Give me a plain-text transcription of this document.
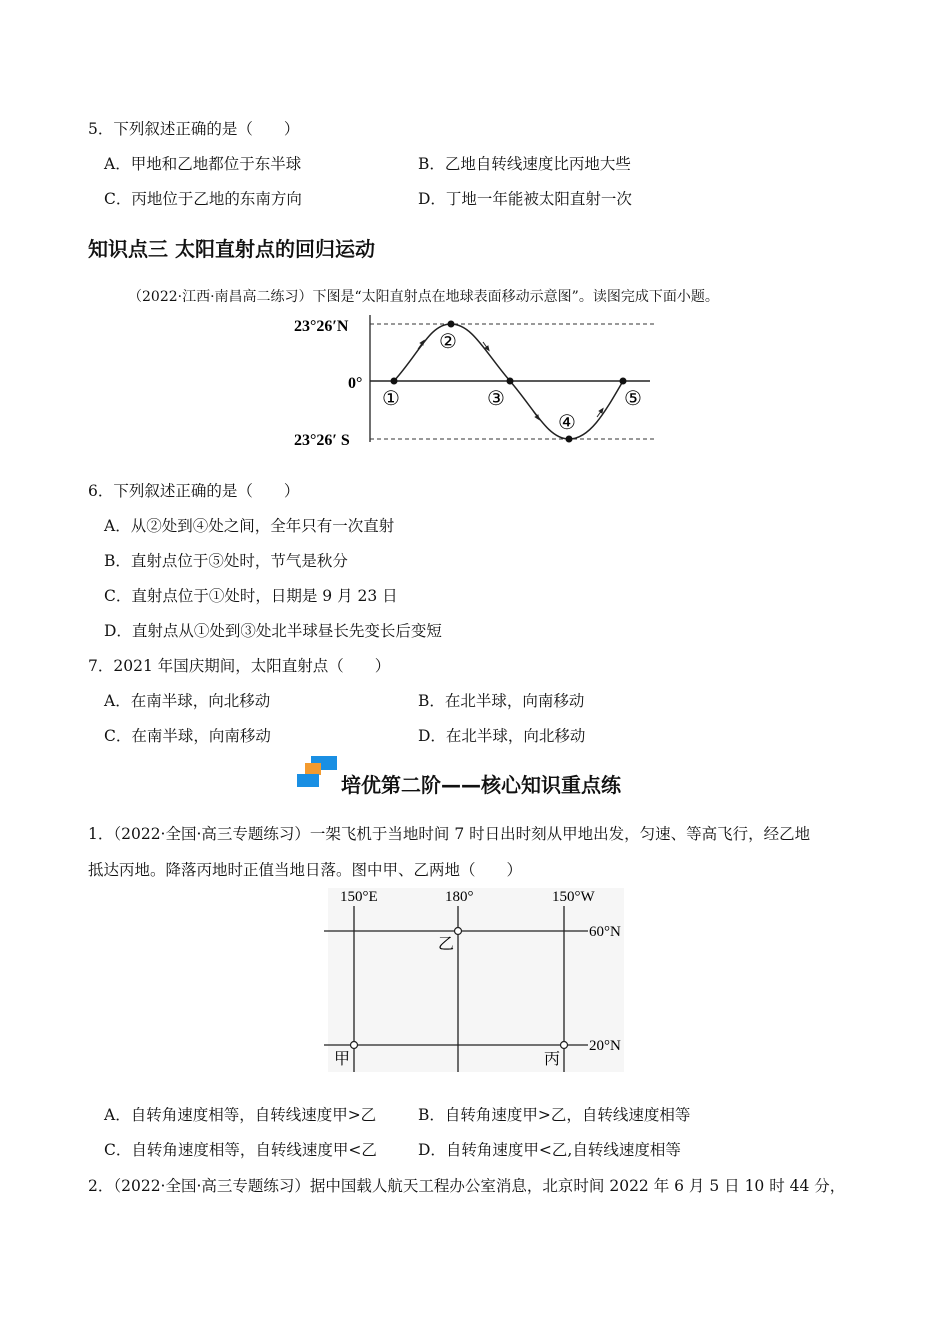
5．下列叙述正确的是（　　）
A．甲地和乙地都位于东半球	B．乙地自转线速度比丙地大些
C．丙地位于乙地的东南方向	D．丁地一年能被太阳直射一次
知识点三 太阳直射点的回归运动
（2022·江西·南昌高二练习）下图是“太阳直射点在地球表面移动示意图”。读图完成下面小题。
23°26′N
0°
23°26′ S
①
②
③
④
⑤
6．下列叙述正确的是（　　）
A．从②处到④处之间，全年只有一次直射
B．直射点位于⑤处时，节气是秋分
C．直射点位于①处时，日期是 9 月 23 日
D．直射点从①处到③处北半球昼长先变长后变短
7．2021 年国庆期间，太阳直射点（　　）
A．在南半球，向北移动	B．在北半球，向南移动
C．在南半球，向南移动	D．在北半球，向北移动
培优第二阶——核心知识重点练
1．（2022·全国·高三专题练习）一架飞机于当地时间 7 时日出时刻从甲地出发，匀速、等高飞行，经乙地
抵达丙地。降落丙地时正值当地日落。图中甲、乙两地（　　）
150°E	180°	150°W
60°N
20°N
甲
乙
丙
A．自转角速度相等，自转线速度甲>乙	B．自转角速度甲>乙，自转线速度相等
C．自转角速度相等，自转线速度甲<乙	D．自转角速度甲<乙,自转线速度相等
2．（2022·全国·高三专题练习）据中国载人航天工程办公室消息，北京时间 2022 年 6 月 5 日 10 时 44 分，
